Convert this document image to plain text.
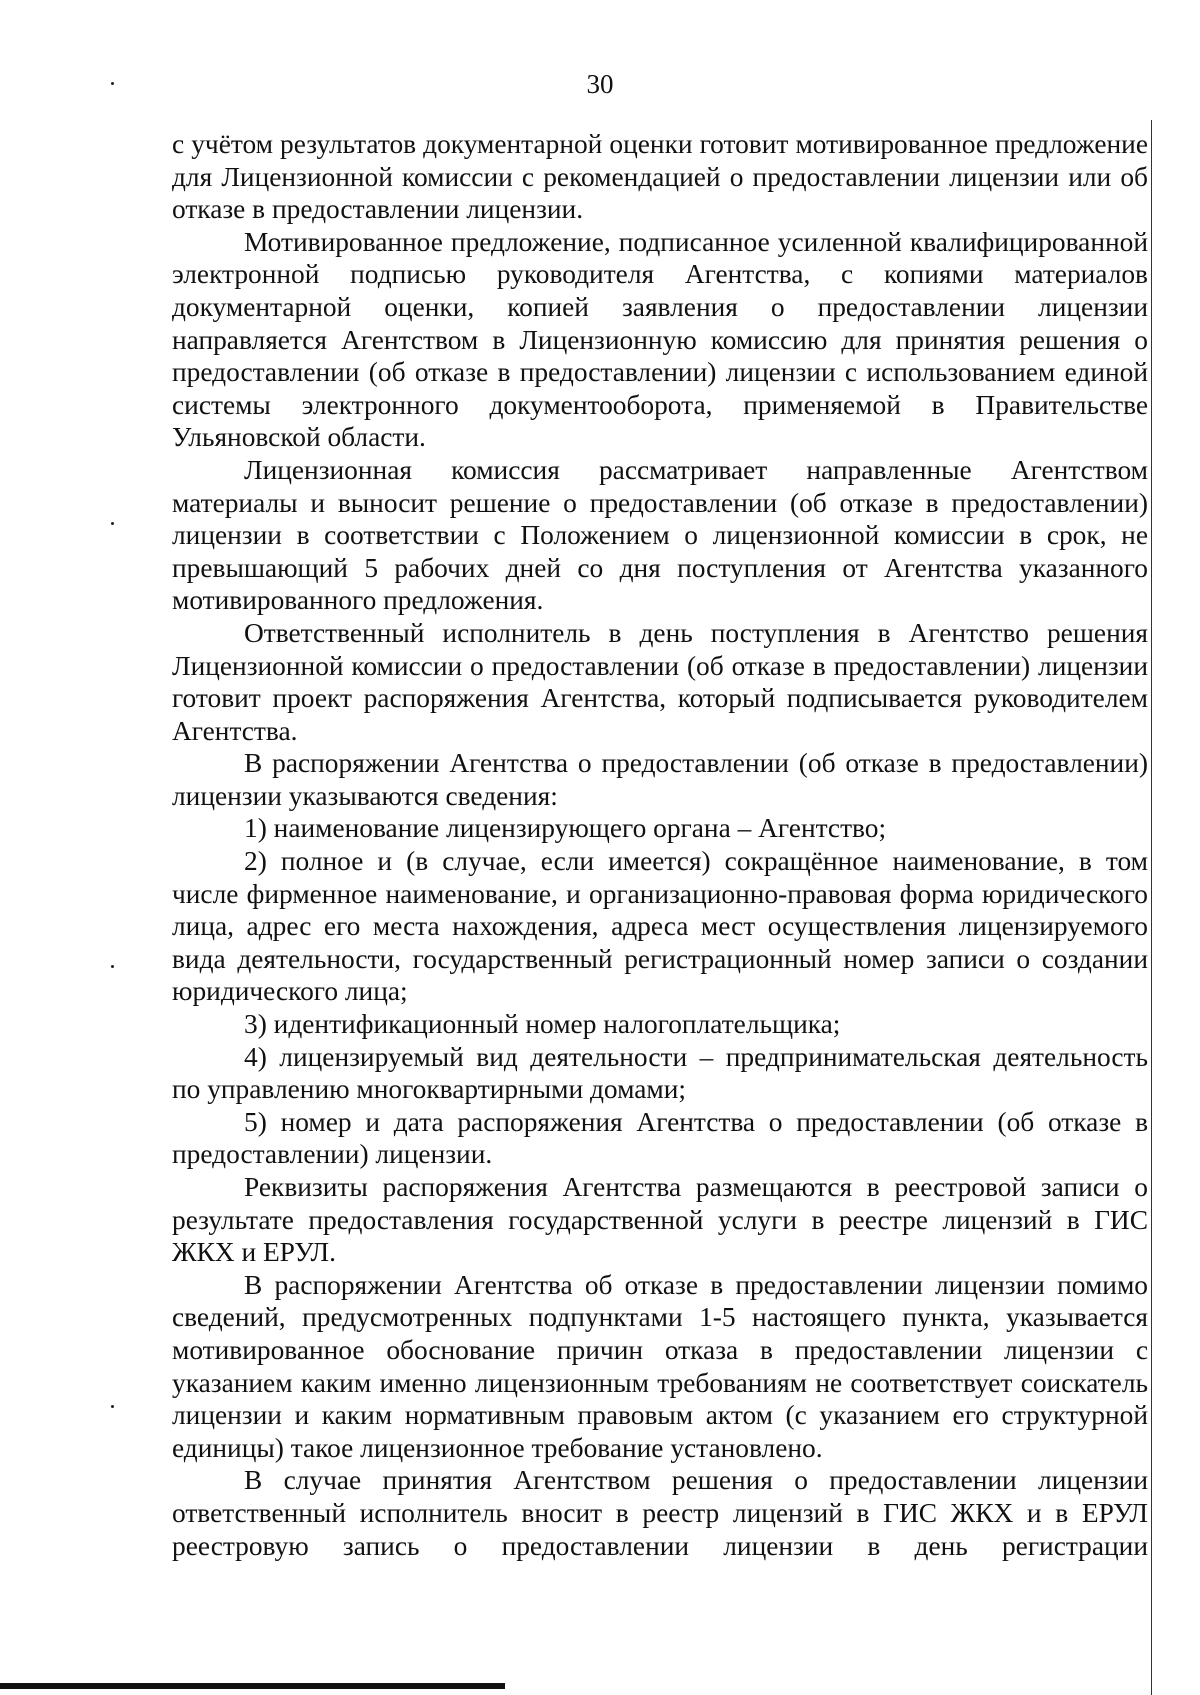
30

с учётом результатов документарной оценки готовит мотивированное предложение для Лицензионной комиссии с рекомендацией о предоставлении лицензии или об отказе в предоставлении лицензии.

Мотивированное предложение, подписанное усиленной квалифицированной электронной подписью руководителя Агентства, с копиями материалов документарной оценки, копией заявления о предоставлении лицензии направляется Агентством в Лицензионную комиссию для принятия решения о предоставлении (об отказе в предоставлении) лицензии с использованием единой системы электронного документооборота, применяемой в Правительстве Ульяновской области.

Лицензионная комиссия рассматривает направленные Агентством материалы и выносит решение о предоставлении (об отказе в предоставлении) лицензии в соответствии с Положением о лицензионной комиссии в срок, не превышающий 5 рабочих дней со дня поступления от Агентства указанного мотивированного предложения.

Ответственный исполнитель в день поступления в Агентство решения Лицензионной комиссии о предоставлении (об отказе в предоставлении) лицензии готовит проект распоряжения Агентства, который подписывается руководителем Агентства.

В распоряжении Агентства о предоставлении (об отказе в предоставлении) лицензии указываются сведения:

1) наименование лицензирующего органа – Агентство;

2) полное и (в случае, если имеется) сокращённое наименование, в том числе фирменное наименование, и организационно-правовая форма юридического лица, адрес его места нахождения, адреса мест осуществления лицензируемого вида деятельности, государственный регистрационный номер записи о создании юридического лица;

3) идентификационный номер налогоплательщика;

4) лицензируемый вид деятельности – предпринимательская деятельность по управлению многоквартирными домами;

5) номер и дата распоряжения Агентства о предоставлении (об отказе в предоставлении) лицензии.

Реквизиты распоряжения Агентства размещаются в реестровой записи о результате предоставления государственной услуги в реестре лицензий в ГИС ЖКХ и ЕРУЛ.

В распоряжении Агентства об отказе в предоставлении лицензии помимо сведений, предусмотренных подпунктами 1-5 настоящего пункта, указывается мотивированное обоснование причин отказа в предоставлении лицензии с указанием каким именно лицензионным требованиям не соответствует соискатель лицензии и каким нормативным правовым актом (с указанием его структурной единицы) такое лицензионное требование установлено.

В случае принятия Агентством решения о предоставлении лицензии ответственный исполнитель вносит в реестр лицензий в ГИС ЖКХ и в ЕРУЛ реестровую запись о предоставлении лицензии в день регистрации
